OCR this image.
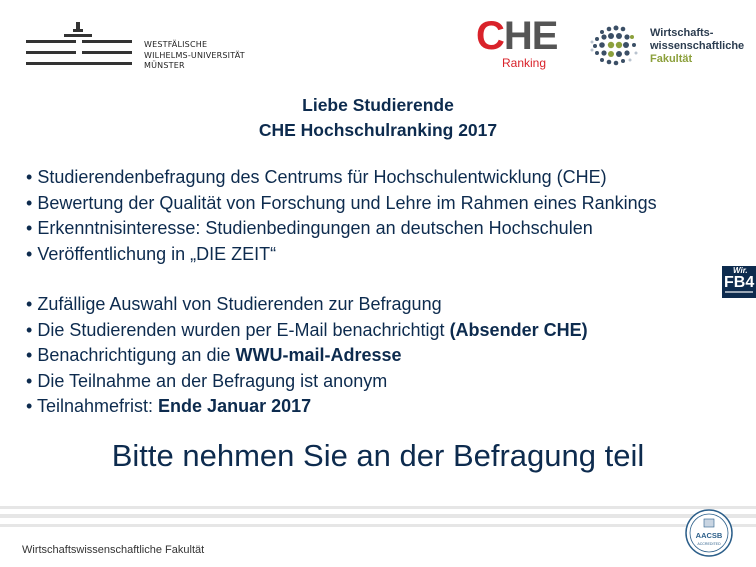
WESTFÄLISCHE
WILHELMS-UNIVERSITÄT
MÜNSTER
CHE
Ranking
Wirtschafts-
wissenschaftliche
Fakultät
Liebe Studierende
CHE Hochschulranking 2017
• Studierendenbefragung des Centrums für Hochschulentwicklung (CHE)
• Bewertung der Qualität von Forschung und Lehre im Rahmen eines Rankings
• Erkenntnisinteresse: Studienbedingungen an deutschen Hochschulen
• Veröffentlichung in „DIE ZEIT“
• Zufällige Auswahl von Studierenden zur Befragung
• Die Studierenden wurden per E-Mail benachrichtigt (Absender CHE)
• Benachrichtigung an die WWU-mail-Adresse
• Die Teilnahme an der Befragung ist anonym
• Teilnahmefrist: Ende Januar 2017
Wir.
FB4
Bitte nehmen Sie an der Befragung teil
AACSB
ACCREDITED
Wirtschaftswissenschaftliche Fakultät
